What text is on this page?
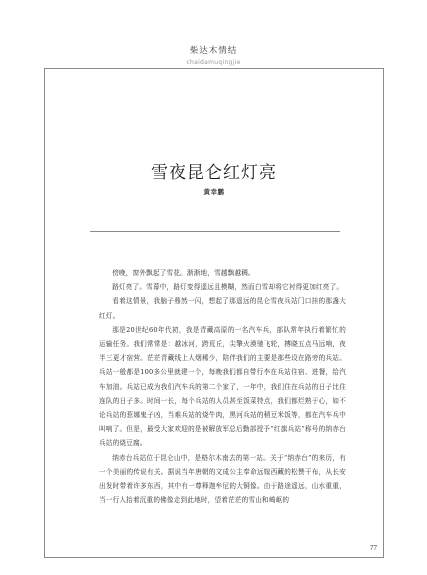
柴达木情结
chaidamuqingjie
雪夜昆仑红灯亮
黄幸鹏

傍晚，窗外飘起了雪花。渐渐地，雪越飘越稠。

路灯亮了。雪幕中，路灯变得遥远且模糊，然而白雪却将它衬得更加红亮了。

看着这情景，我脑子蓦然一闪，想起了那遥远的昆仑雪夜兵站门口挂的那盏大红灯。

那是20世纪60年代初，我是青藏高原的一名汽车兵，部队常年执行着繁忙的运输任务。我们常常是：越冰河，跨荒丘，尖擎火漠驰飞轮，搏晓五点马远响，夜半三更才宿营。茫茫青藏线上人烟稀少，陪伴我们的主要是那些设在路旁的兵站。兵站一般都是100多公里就建一个，每晚我们都自带行李在兵站住宿、进餐，给汽车加油。兵站已成为我们汽车兵的第二个家了，一年中，我们住在兵站的日子比住连队的日子多。时间一长，每个兵站的人员甚至饭菜特点，我们都烂熟于心，如不论兵站的惹娜鬼子凶，当难兵站的烧牛肉，黑河兵站的稍豆米饭等，都在汽车兵中叫响了。但是，最受大家欢迎的是被解放军总后勤部授予“红旗兵站”称号的纳赤台兵站的烧豆腐。

纳赤台兵站位于昆仑山中，是格尔木南去的第一站。关于“纳赤台”的来历，有一个美丽的传说有关。据说当年唐朝的文成公主奉命远嫁西藏的松赞干布，从长安出发时带着许多东西，其中有一尊释迦牟尼的大铜像。由于路途遥远，山水重重，当一行人抬着沉重的佛像走到此地时，望着茫茫的雪山和崎岖的

77
